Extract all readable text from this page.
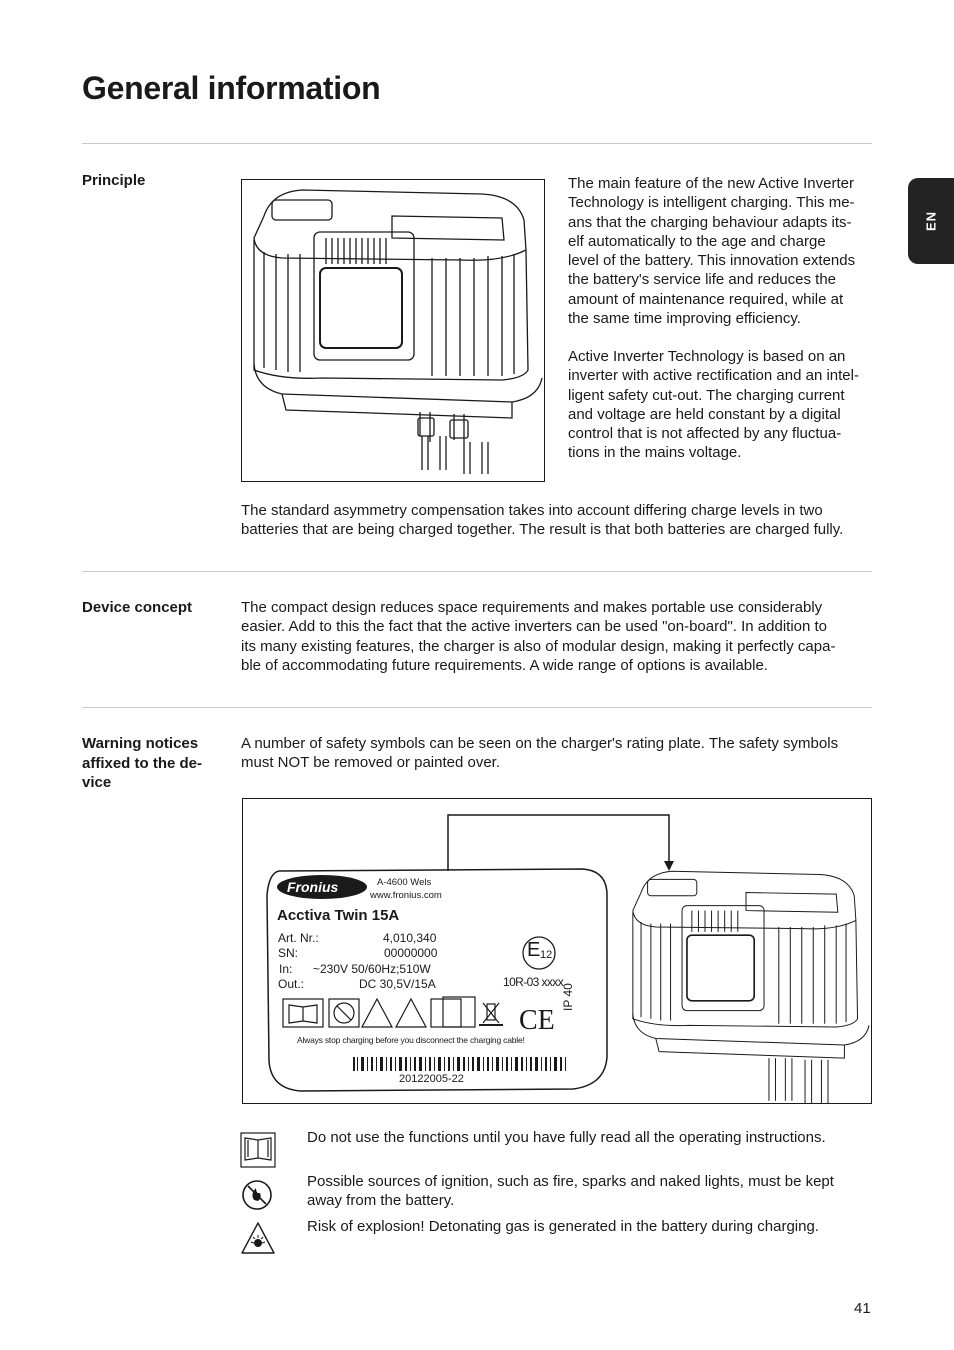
General information
EN
Principle	The main feature of the new Active Inverter
Technology is intelligent charging. This me-
ans that the charging behaviour adapts its-
elf automatically to the age and charge
level of the battery. This innovation extends
the battery's service life and reduces the
amount of maintenance required, while at
the same time improving efficiency.
Active Inverter Technology is based on an
inverter with active rectification and an intel-
ligent safety cut-out. The charging current
and voltage are held constant by a digital
control that is not affected by any fluctua-
tions in the mains voltage.
The standard asymmetry compensation takes into account differing charge levels in two
batteries that are being charged together. The result is that both batteries are charged fully.
Device concept	The compact design reduces space requirements and makes portable use considerably
easier. Add to this the fact that the active inverters can be used "on-board". In addition to
its many existing features, the charger is also of modular design, making it perfectly capa-
ble of accommodating future requirements. A wide range of options is available.
Warning notices
affixed to the de-
vice
A number of safety symbols can be seen on the charger's rating plate. The safety symbols
must NOT be removed or painted over.
CE
Fronius	A-4600 Wels
www.fronius.com
Acctiva Twin 15A
Art. Nr.:	4,010,340
SN:	00000000
In: ~230V 50/60Hz;510W
Out.:	DC 30,5V/15A
E 12
10R-03 xxxx
IP 40
Always stop charging before you disconnect the charging cable!
20122005-22
Do not use the functions until you have fully read all the operating instructions.
Possible sources of ignition, such as fire, sparks and naked lights, must be kept
away from the battery.
Risk of explosion! Detonating gas is generated in the battery during charging.
41
